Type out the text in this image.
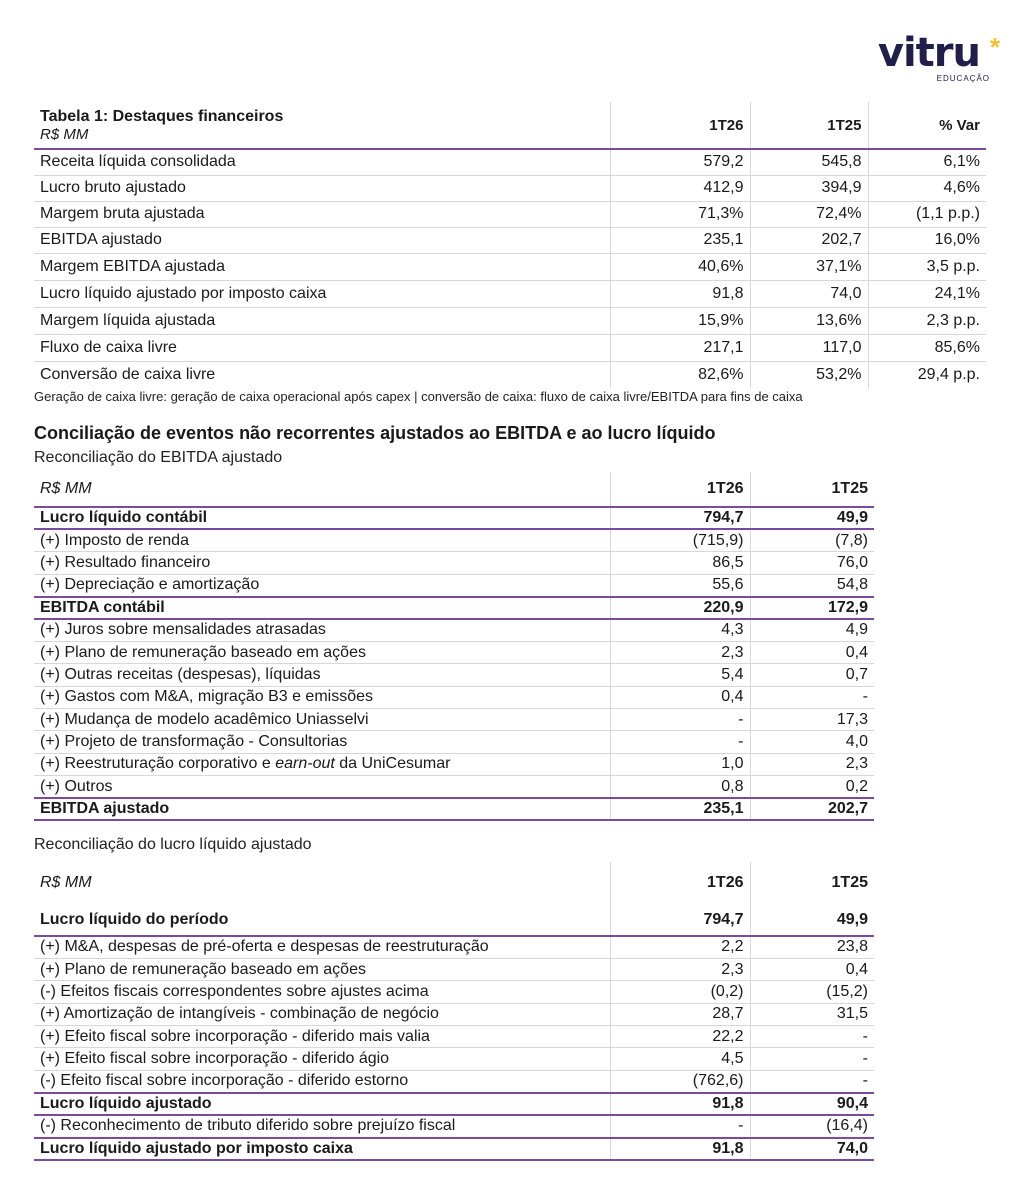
vitru *
EDUCAÇÃO
Tabela 1: Destaques financeiros
R$ MM	1T26	1T25	% Var
Receita líquida consolidada	579,2	545,8	6,1%
Lucro bruto ajustado	412,9	394,9	4,6%
Margem bruta ajustada	71,3%	72,4%	(1,1 p.p.)
EBITDA ajustado	235,1	202,7	16,0%
Margem EBITDA ajustada	40,6%	37,1%	3,5 p.p.
Lucro líquido ajustado por imposto caixa	91,8	74,0	24,1%
Margem líquida ajustada	15,9%	13,6%	2,3 p.p.
Fluxo de caixa livre	217,1	117,0	85,6%
Conversão de caixa livre	82,6%	53,2%	29,4 p.p.
Geração de caixa livre: geração de caixa operacional após capex | conversão de caixa: fluxo de caixa livre/EBITDA para fins de caixa
Conciliação de eventos não recorrentes ajustados ao EBITDA e ao lucro líquido
Reconciliação do EBITDA ajustado
R$ MM	1T26	1T25
Lucro líquido contábil	794,7	49,9
(+) Imposto de renda	(715,9)	(7,8)
(+) Resultado financeiro	86,5	76,0
(+) Depreciação e amortização	55,6	54,8
EBITDA contábil	220,9	172,9
(+) Juros sobre mensalidades atrasadas	4,3	4,9
(+) Plano de remuneração baseado em ações	2,3	0,4
(+) Outras receitas (despesas), líquidas	5,4	0,7
(+) Gastos com M&A, migração B3 e emissões	0,4	-
(+) Mudança de modelo acadêmico Uniasselvi	-	17,3
(+) Projeto de transformação - Consultorias	-	4,0
(+) Reestruturação corporativo e earn-out da UniCesumar	1,0	2,3
(+) Outros	0,8	0,2
EBITDA ajustado	235,1	202,7
Reconciliação do lucro líquido ajustado
R$ MM	1T26	1T25
Lucro líquido do período	794,7	49,9
(+) M&A, despesas de pré-oferta e despesas de reestruturação	2,2	23,8
(+) Plano de remuneração baseado em ações	2,3	0,4
(-) Efeitos fiscais correspondentes sobre ajustes acima	(0,2)	(15,2)
(+) Amortização de intangíveis - combinação de negócio	28,7	31,5
(+) Efeito fiscal sobre incorporação - diferido mais valia	22,2	-
(+) Efeito fiscal sobre incorporação - diferido ágio	4,5	-
(-) Efeito fiscal sobre incorporação - diferido estorno	(762,6)	-
Lucro líquido ajustado	91,8	90,4
(-) Reconhecimento de tributo diferido sobre prejuízo fiscal	-	(16,4)
Lucro líquido ajustado por imposto caixa	91,8	74,0
